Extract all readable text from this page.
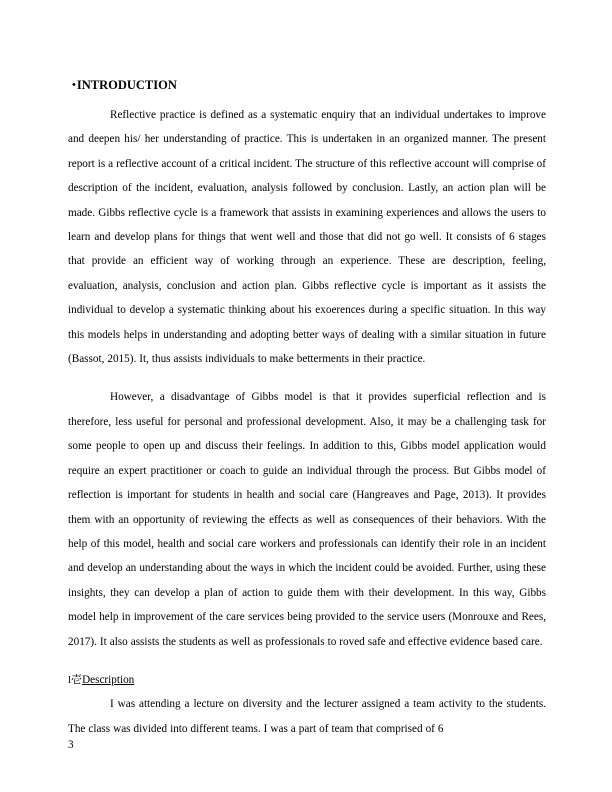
•INTRODUCTION

Reflective practice is defined as a systematic enquiry that an individual undertakes to improve and deepen his/ her understanding of practice. This is undertaken in an organized manner. The present report is a reflective account of a critical incident. The structure of this reflective account will comprise of description of the incident, evaluation, analysis followed by conclusion. Lastly, an action plan will be made. Gibbs reflective cycle is a framework that assists in examining experiences and allows the users to learn and develop plans for things that went well and those that did not go well. It consists of 6 stages that provide an efficient way of working through an experience. These are description, feeling, evaluation, analysis, conclusion and action plan. Gibbs reflective cycle is important as it assists the individual to develop a systematic thinking about his exoerences during a specific situation. In this way this models helps in understanding and adopting better ways of dealing with a similar situation in future (Bassot, 2015). It, thus assists individuals to make betterments in their practice.

However, a disadvantage of Gibbs model is that it provides superficial reflection and is therefore, less useful for personal and professional development. Also, it may be a challenging task for some people to open up and discuss their feelings. In addition to this, Gibbs model application would require an expert practitioner or coach to guide an individual through the process. But Gibbs model of reflection is important for students in health and social care (Hangreaves and Page, 2013). It provides them with an opportunity of reviewing the effects as well as consequences of their behaviors. With the help of this model, health and social care workers and professionals can identify their role in an incident and develop an understanding about the ways in which the incident could be avoided. Further, using these insights, they can develop a plan of action to guide them with their development. In this way, Gibbs model help in improvement of the care services being provided to the service users (Monrouxe and Rees, 2017). It also assists the students as well as professionals to roved safe and effective evidence based care.

l壱Description

I was attending a lecture on diversity and the lecturer assigned a team activity to the students. The class was divided into different teams. I was a part of team that comprised of 6

3
